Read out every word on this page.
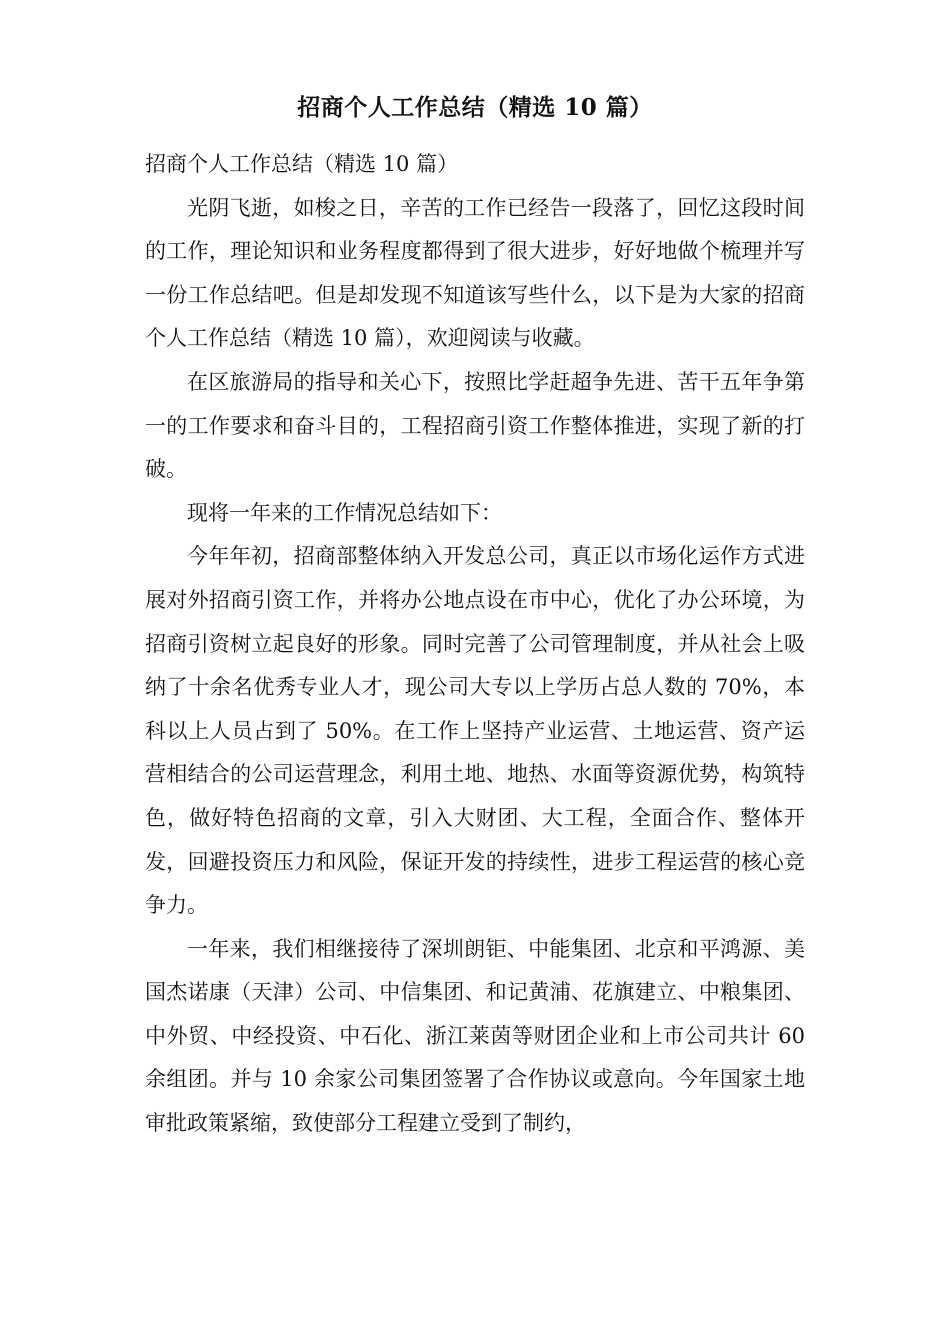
招商个人工作总结（精选 10 篇）

招商个人工作总结（精选 10 篇）

光阴飞逝，如梭之日，辛苦的工作已经告一段落了，回忆这段时间的工作，理论知识和业务程度都得到了很大进步，好好地做个梳理并写一份工作总结吧。但是却发现不知道该写些什么，以下是为大家的招商个人工作总结（精选 10 篇），欢迎阅读与收藏。

在区旅游局的指导和关心下，按照比学赶超争先进、苦干五年争第一的工作要求和奋斗目的，工程招商引资工作整体推进，实现了新的打破。

现将一年来的工作情况总结如下：

今年年初，招商部整体纳入开发总公司，真正以市场化运作方式进展对外招商引资工作，并将办公地点设在市中心，优化了办公环境，为招商引资树立起良好的形象。同时完善了公司管理制度，并从社会上吸纳了十余名优秀专业人才，现公司大专以上学历占总人数的 70%，本科以上人员占到了 50%。在工作上坚持产业运营、土地运营、资产运营相结合的公司运营理念，利用土地、地热、水面等资源优势，构筑特色，做好特色招商的文章，引入大财团、大工程，全面合作、整体开发，回避投资压力和风险，保证开发的持续性，进步工程运营的核心竞争力。

一年来，我们相继接待了深圳朗钜、中能集团、北京和平鸿源、美国杰诺康（天津）公司、中信集团、和记黄浦、花旗建立、中粮集团、中外贸、中经投资、中石化、浙江莱茵等财团企业和上市公司共计 60 余组团。并与 10 余家公司集团签署了合作协议或意向。今年国家土地审批政策紧缩，致使部分工程建立受到了制约，
